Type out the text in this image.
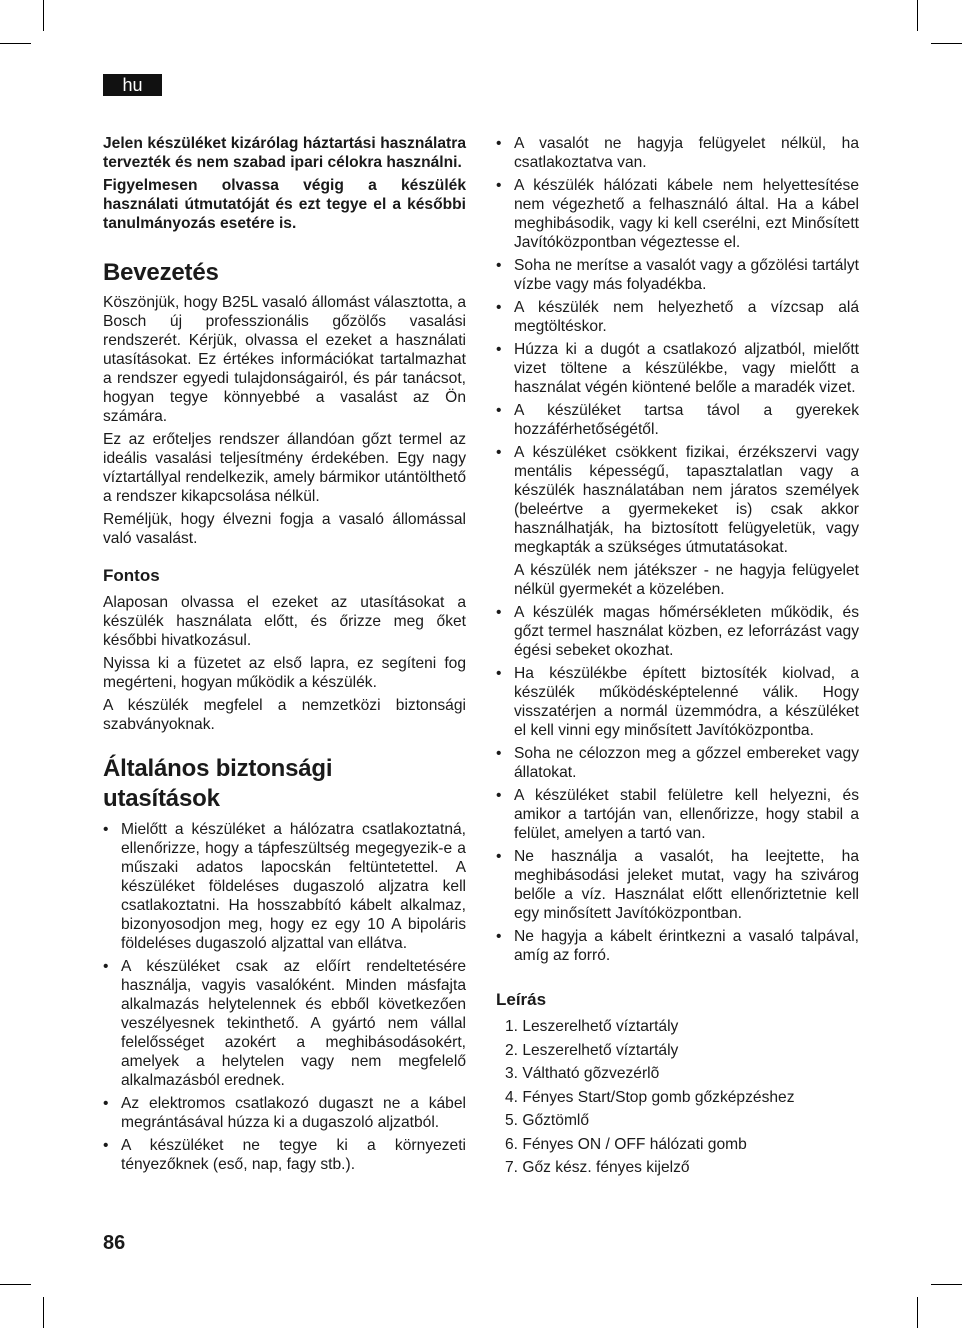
hu

Jelen készüléket kizárólag háztartási használatra tervezték és nem szabad ipari célokra használni.

Figyelmesen olvassa végig a készülék használati útmutatóját és ezt tegye el a későbbi tanulmányozás esetére is.

Bevezetés

Köszönjük, hogy B25L vasaló állomást választotta, a Bosch új professzionális gőzölős vasalási rendszerét. Kérjük, olvassa el ezeket a használati utasításokat. Ez értékes információkat tartalmazhat a rendszer egyedi tulajdonságairól, és pár tanácsot, hogyan tegye könnyebbé a vasalást az Ön számára.

Ez az erőteljes rendszer állandóan gőzt termel az ideális vasalási teljesítmény érdekében. Egy nagy víztartállyal rendelkezik, amely bármikor utántölthető a rendszer kikapcsolása nélkül.

Reméljük, hogy élvezni fogja a vasaló állomással való vasalást.

Fontos

Alaposan olvassa el ezeket az utasításokat a készülék használata előtt, és őrizze meg őket későbbi hivatkozásul.

Nyissa ki a füzetet az első lapra, ez segíteni fog megérteni, hogyan működik a készülék.

A készülék megfelel a nemzetközi biztonsági szabványoknak.

Általános biztonsági
utasítások
• Mielőtt a készüléket a hálózatra csatlakoztatná, ellenőrizze, hogy a tápfeszültség megegyezik-e a műszaki adatos lapocskán feltüntetettel. A készüléket földeléses dugaszoló aljzatra kell csatlakoztatni. Ha hosszabbító kábelt alkalmaz, bizonyosodjon meg, hogy ez egy 10 A bipoláris földeléses dugaszoló aljzattal van ellátva.
• A készüléket csak az előírt rendeltetésére használja, vagyis vasalóként. Minden másfajta alkalmazás helytelennek és ebből következően veszélyesnek tekinthető. A gyártó nem vállal felelősséget azokért a meghibásodásokért, amelyek a helytelen vagy nem megfelelő alkalmazásból erednek.
• Az elektromos csatlakozó dugaszt ne a kábel megrántásával húzza ki a dugaszoló aljzatból.
• A készüléket ne tegye ki a környezeti tényezőknek (eső, nap, fagy stb.).
• A vasalót ne hagyja felügyelet nélkül, ha csatlakoztatva van.
• A készülék hálózati kábele nem helyettesítése nem végezhető a felhasználó által. Ha a kábel meghibásodik, vagy ki kell cserélni, ezt Minősített Javítóközpontban végeztesse el.
• Soha ne merítse a vasalót vagy a gőzölési tartályt vízbe vagy más folyadékba.
• A készülék nem helyezhető a vízcsap alá megtöltéskor.
• Húzza ki a dugót a csatlakozó aljzatból, mielőtt vizet töltene a készülékbe, vagy mielőtt a használat végén kiöntené belőle a maradék vizet.
• A készüléket tartsa távol a gyerekek hozzáférhetőségétől.
• A készüléket csökkent fizikai, érzékszervi vagy mentális képességű, tapasztalatlan vagy a készülék használatában nem járatos személyek (beleértve a gyermekeket is) csak akkor használhatják, ha biztosított felügyeletük, vagy megkapták a szükséges útmutatásokat.

A készülék nem játékszer - ne hagyja felügyelet nélkül gyermekét a közelében.

• A készülék magas hőmérsékleten működik, és gőzt termel használat közben, ez leforrázást vagy égési sebeket okozhat.
• Ha készülékbe épített biztosíték kiolvad, a készülék működésképtelenné válik. Hogy visszatérjen a normál üzemmódra, a készüléket el kell vinni egy minősített Javítóközpontba.
• Soha ne célozzon meg a gőzzel embereket vagy állatokat.
• A készüléket stabil felületre kell helyezni, és amikor a tartóján van, ellenőrizze, hogy stabil a felület, amelyen a tartó van.
• Ne használja a vasalót, ha leejtette, ha meghibásodási jeleket mutat, vagy ha szivárog belőle a víz. Használat előtt ellenőriztetnie kell egy minősített Javítóközpontban.
• Ne hagyja a kábelt érintkezni a vasaló talpával, amíg az forró.
Leírás
1. Leszerelhető víztartály
2. Leszerelhető víztartály
3. Váltható gõzvezérlõ
4. Fényes Start/Stop gomb gőzképzéshez
5. Gőztömlő
6. Fényes ON / OFF hálózati gomb
7. Gőz kész. fényes kijelző
86
